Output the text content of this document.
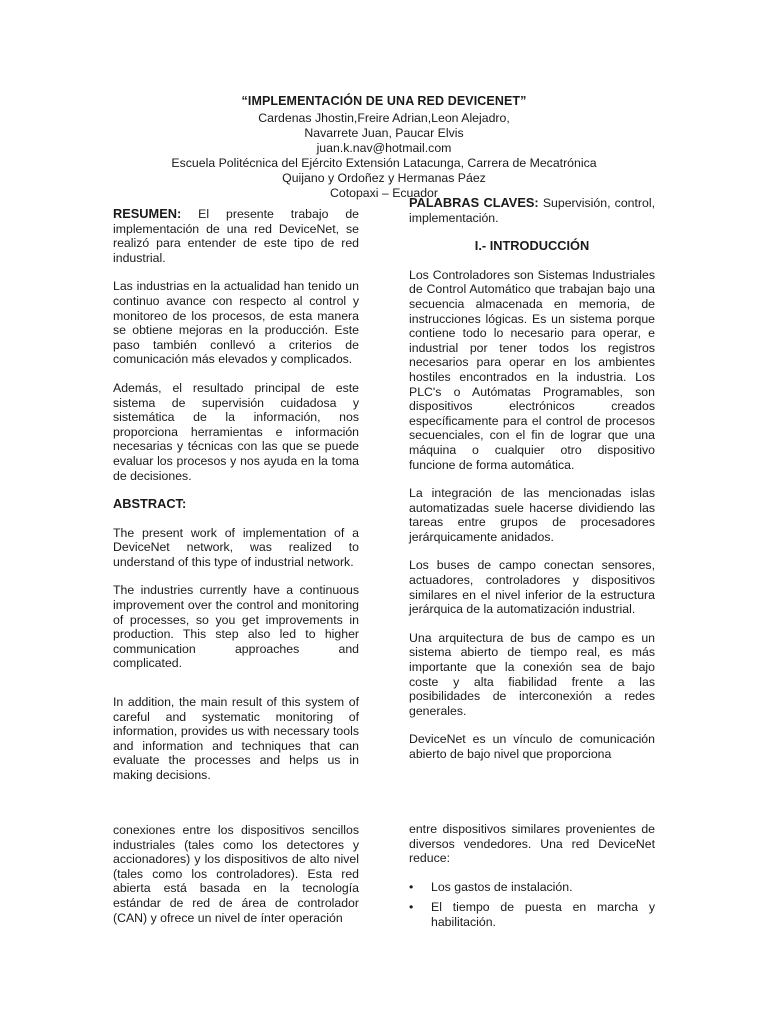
“IMPLEMENTACIÓN DE UNA RED DEVICENET”
Cardenas Jhostin,Freire Adrian,Leon Alejadro,
Navarrete Juan, Paucar Elvis
juan.k.nav@hotmail.com
Escuela Politécnica del Ejército Extensión Latacunga, Carrera de Mecatrónica
Quijano y Ordoñez y Hermanas Páez
Cotopaxi – Ecuador

RESUMEN: El presente trabajo de implementación de una red DeviceNet, se realizó para entender de este tipo de red industrial.

Las industrias en la actualidad han tenido un continuo avance con respecto al control y monitoreo de los procesos, de esta manera se obtiene mejoras en la producción. Este paso también conllevó a criterios de comunicación más elevados y complicados.

Además, el resultado principal de este sistema de supervisión cuidadosa y sistemática de la información, nos proporciona herramientas e información necesarias y técnicas con las que se puede evaluar los procesos y nos ayuda en la toma de decisiones.

ABSTRACT:

The present work of implementation of a DeviceNet network, was realized to understand of this type of industrial network.

The industries currently have a continuous improvement over the control and monitoring of processes, so you get improvements in production. This step also led to higher communication approaches and complicated.

In addition, the main result of this system of careful and systematic monitoring of information, provides us with necessary tools and information and techniques that can evaluate the processes and helps us in making decisions.

PALABRAS CLAVES: Supervisión, control, implementación.

I.- INTRODUCCIÓN

Los Controladores son Sistemas Industriales de Control Automático que trabajan bajo una secuencia almacenada en memoria, de instrucciones lógicas. Es un sistema porque contiene todo lo necesario para operar, e industrial por tener todos los registros necesarios para operar en los ambientes hostiles encontrados en la industria. Los PLC's o Autómatas Programables, son dispositivos electrónicos creados específicamente para el control de procesos secuenciales, con el fin de lograr que una máquina o cualquier otro dispositivo funcione de forma automática.

La integración de las mencionadas islas automatizadas suele hacerse dividiendo las tareas entre grupos de procesadores jerárquicamente anidados.

Los buses de campo conectan sensores, actuadores, controladores y dispositivos similares en el nivel inferior de la estructura jerárquica de la automatización industrial.

Una arquitectura de bus de campo es un sistema abierto de tiempo real, es más importante que la conexión sea de bajo coste y alta fiabilidad frente a las posibilidades de interconexión a redes generales.

DeviceNet es un vínculo de comunicación abierto de bajo nivel que proporciona

conexiones entre los dispositivos sencillos industriales (tales como los detectores y accionadores) y los dispositivos de alto nivel (tales como los controladores). Esta red abierta está basada en la tecnología estándar de red de área de controlador (CAN) y ofrece un nivel de ínter operación

entre dispositivos similares provenientes de diversos vendedores. Una red DeviceNet reduce:

• Los gastos de instalación.
• El tiempo de puesta en marcha y habilitación.
